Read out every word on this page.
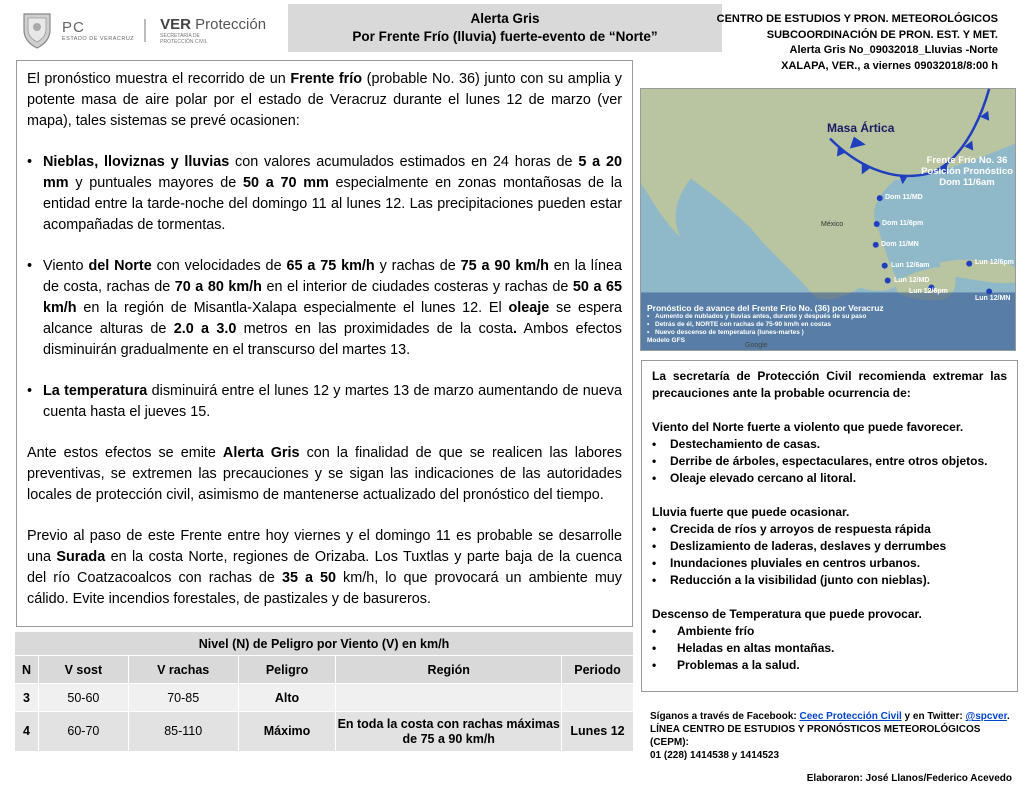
PC
ESTADO DE VERACRUZ
VER Protección
SECRETARÍA DE
PROTECCIÓN CIVIL
Alerta Gris
Por Frente Frío (lluvia) fuerte-evento de “Norte”
CENTRO DE ESTUDIOS Y PRON. METEOROLÓGICOS
SUBCOORDINACIÓN DE PRON. EST. Y MET.
Alerta Gris No_09032018_Lluvias -Norte
XALAPA, VER., a viernes 09032018/8:00 h

El pronóstico muestra el recorrido de un Frente frío (probable No. 36) junto con su amplia y potente masa de aire polar por el estado de Veracruz durante el lunes 12 de marzo (ver mapa), tales sistemas se prevé ocasionen:

• Nieblas, lloviznas y lluvias con valores acumulados estimados en 24 horas de 5 a 20 mm y puntuales mayores de 50 a 70 mm especialmente en zonas montañosas de la entidad entre la tarde-noche del domingo 11 al lunes 12. Las precipitaciones pueden estar acompañadas de tormentas.
• Viento del Norte con velocidades de 65 a 75 km/h y rachas de 75 a 90 km/h en la línea de costa, rachas de 70 a 80 km/h en el interior de ciudades costeras y rachas de 50 a 65 km/h en la región de Misantla-Xalapa especialmente el lunes 12. El oleaje se espera alcance alturas de 2.0 a 3.0 metros en las proximidades de la costa. Ambos efectos disminuirán gradualmente en el transcurso del martes 13.
• La temperatura disminuirá entre el lunes 12 y martes 13 de marzo aumentando de nueva cuenta hasta el jueves 15.

Ante estos efectos se emite Alerta Gris con la finalidad de que se realicen las labores preventivas, se extremen las precauciones y se sigan las indicaciones de las autoridades locales de protección civil, asimismo de mantenerse actualizado del pronóstico del tiempo.

Previo al paso de este Frente entre hoy viernes y el domingo 11 es probable se desarrolle una Surada en la costa Norte, regiones de Orizaba. Los Tuxtlas y parte baja de la cuenca del río Coatzacoalcos con rachas de 35 a 50 km/h, lo que provocará un ambiente muy cálido. Evite incendios forestales, de pastizales y de basureros.

Masa Ártica
Frente Frío No. 36
Posición Pronóstico
Dom 11/6am
México
Dom 11/MD
Dom 11/6pm
Dom 11/MN
Lun 12/6am
Lun 12/MD
Lun 12/6pm
Lun 12/6pm
Lun 12/MN
Pronóstico de avance del Frente Frío No. (36) por Veracruz
• Aumento de nublados y lluvias antes, durante y después de su paso
• Detrás de él, NORTE con rachas de 75-90 km/h en costas
• Nuevo descenso de temperatura (lunes-martes )
Modelo GFS
Google
La secretaría de Protección Civil recomienda extremar las precauciones ante la probable ocurrencia de:
Viento del Norte fuerte a violento que puede favorecer.
• Destechamiento de casas.
• Derribe de árboles, espectaculares, entre otros objetos.
• Oleaje elevado cercano al litoral.
Lluvia fuerte que puede ocasionar.
• Crecida de ríos y arroyos de respuesta rápida
• Deslizamiento de laderas, deslaves y derrumbes
• Inundaciones pluviales en centros urbanos.
• Reducción a la visibilidad (junto con nieblas).
Descenso de Temperatura que puede provocar.
• Ambiente frío
• Heladas en altas montañas.
• Problemas a la salud.
Síganos a través de Facebook: Ceec Protección Civil y en Twitter: @spcver.
LÍNEA CENTRO DE ESTUDIOS Y PRONÓSTICOS METEOROLÓGICOS (CEPM):
01 (228) 1414538 y 1414523
Elaboraron: José Llanos/Federico Acevedo
Nivel (N) de Peligro por Viento (V) en km/h					
N	V sost	V rachas	Peligro	Región	Periodo
3	50-60	70-85	Alto		
4	60-70	85-110	Máximo	En toda la costa con rachas máximas de 75 a 90 km/h	Lunes 12
